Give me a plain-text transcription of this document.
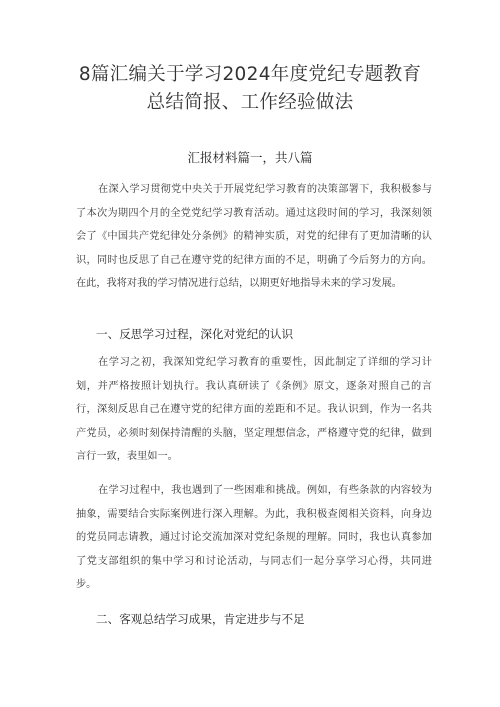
8篇汇编关于学习2024年度党纪专题教育
总结简报、工作经验做法
汇报材料篇一，共八篇

在深入学习贯彻党中央关于开展党纪学习教育的决策部署下，我积极参与了本次为期四个月的全党党纪学习教育活动。通过这段时间的学习，我深刻领会了《中国共产党纪律处分条例》的精神实质，对党的纪律有了更加清晰的认识，同时也反思了自己在遵守党的纪律方面的不足，明确了今后努力的方向。在此，我将对我的学习情况进行总结，以期更好地指导未来的学习发展。

一、反思学习过程，深化对党纪的认识

在学习之初，我深知党纪学习教育的重要性，因此制定了详细的学习计划，并严格按照计划执行。我认真研读了《条例》原文，逐条对照自己的言行，深刻反思自己在遵守党的纪律方面的差距和不足。我认识到，作为一名共产党员，必须时刻保持清醒的头脑，坚定理想信念，严格遵守党的纪律，做到言行一致，表里如一。

在学习过程中，我也遇到了一些困难和挑战。例如，有些条款的内容较为抽象，需要结合实际案例进行深入理解。为此，我积极查阅相关资料，向身边的党员同志请教，通过讨论交流加深对党纪条规的理解。同时，我也认真参加了党支部组织的集中学习和讨论活动，与同志们一起分享学习心得，共同进步。

二、客观总结学习成果，肯定进步与不足
